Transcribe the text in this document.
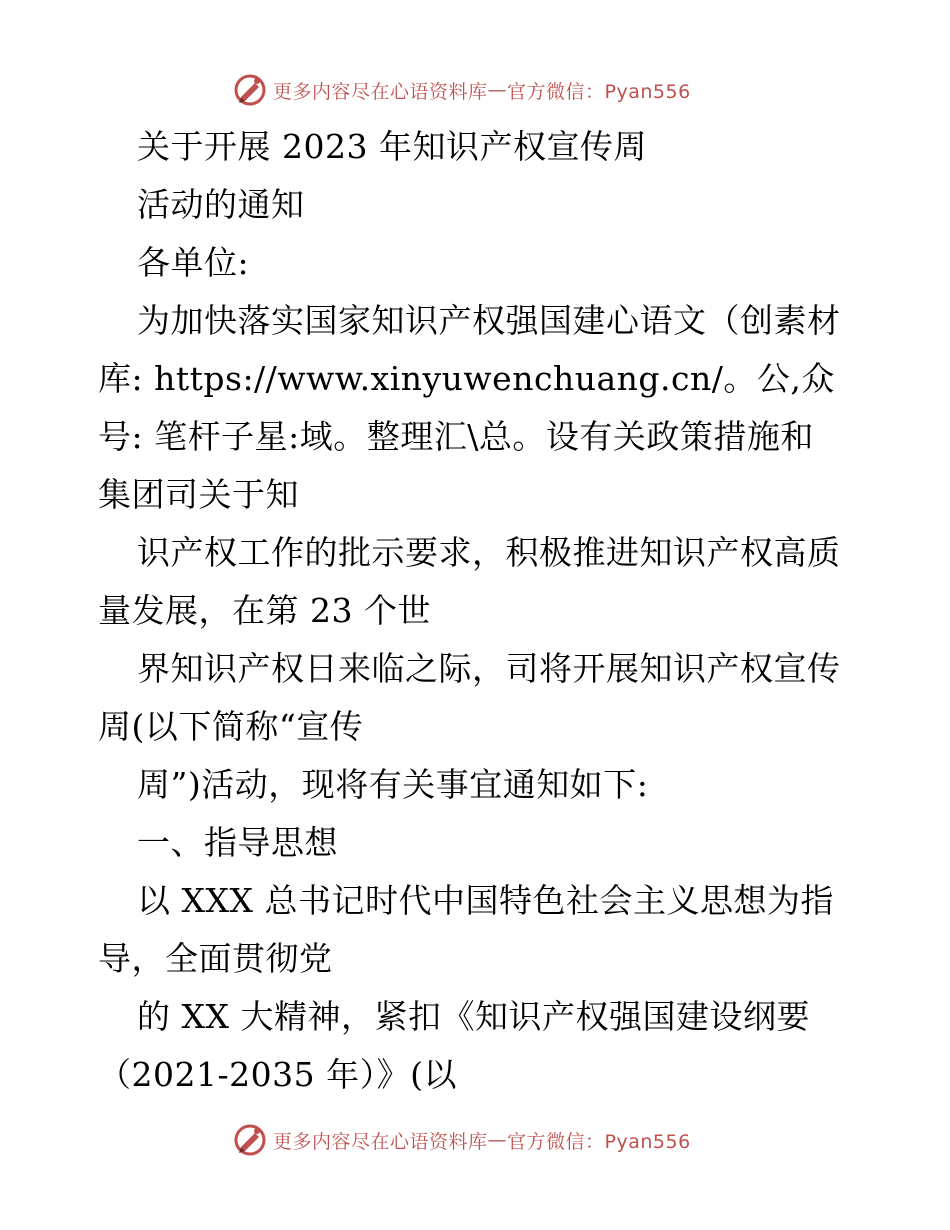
更多内容尽在心语资料库 — 官方微信：Pyan556
关于开展 2023 年知识产权宣传周
活动的通知
各单位:
为加快落实国家知识产权强国建心语文（创素材
库: https://www.xinyuwenchuang.cn/。公,众
号: 笔杆子星:域。整理汇\总。设有关政策措施和
集团司关于知
识产权工作的批示要求，积极推进知识产权高质
量发展，在第 23 个世
界知识产权日来临之际，司将开展知识产权宣传
周(以下简称“宣传
周”)活动，现将有关事宜通知如下:
一、指导思想
以 XXX 总书记时代中国特色社会主义思想为指
导，全面贯彻党
的 XX 大精神，紧扣《知识产权强国建设纲要
（2021-2035 年）》(以
更多内容尽在心语资料库 — 官方微信：Pyan556
